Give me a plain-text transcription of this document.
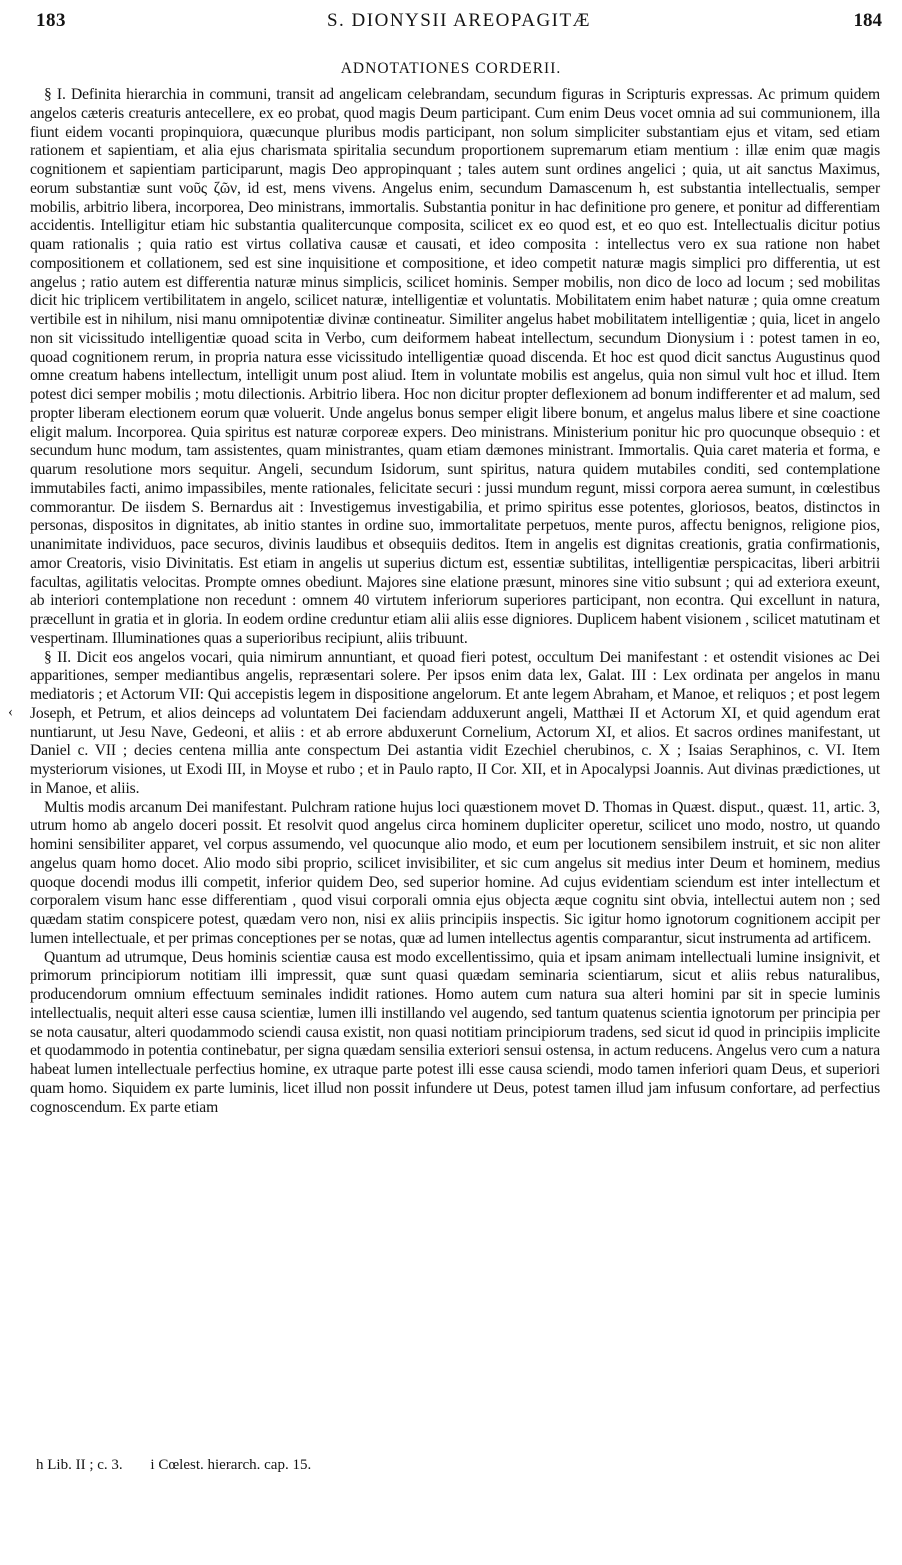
183	S. DIONYSII AREOPAGITÆ	184
ADNOTATIONES CORDERII.
‹

§ I. Definita hierarchia in communi, transit ad angelicam celebrandam, secundum figuras in Scripturis expressas. Ac primum quidem angelos cæteris creaturis antecellere, ex eo probat, quod magis Deum participant. Cum enim Deus vocet omnia ad sui communionem, illa fiunt eidem vocanti propinquiora, quæcunque pluribus modis participant, non solum simpliciter substantiam ejus et vitam, sed etiam rationem et sapientiam, et alia ejus charismata spiritalia secundum proportionem supremarum etiam mentium : illæ enim quæ magis cognitionem et sapientiam participarunt, magis Deo appropinquant ; tales autem sunt ordines angelici ; quia, ut ait sanctus Maximus, eorum substantiæ sunt νοῦς ζῶν, id est, mens vivens. Angelus enim, secundum Damascenum h, est substantia intellectualis, semper mobilis, arbitrio libera, incorporea, Deo ministrans, immortalis. Substantia ponitur in hac definitione pro genere, et ponitur ad differentiam accidentis. Intelligitur etiam hic substantia qualitercunque composita, scilicet ex eo quod est, et eo quo est. Intellectualis dicitur potius quam rationalis ; quia ratio est virtus collativa causæ et causati, et ideo composita : intellectus vero ex sua ratione non habet compositionem et collationem, sed est sine inquisitione et compositione, et ideo competit naturæ magis simplici pro differentia, ut est angelus ; ratio autem est differentia naturæ minus simplicis, scilicet hominis. Semper mobilis, non dico de loco ad locum ; sed mobilitas dicit hic triplicem vertibilitatem in angelo, scilicet naturæ, intelligentiæ et voluntatis. Mobilitatem enim habet naturæ ; quia omne creatum vertibile est in nihilum, nisi manu omnipotentiæ divinæ contineatur. Similiter angelus habet mobilitatem intelligentiæ ; quia, licet in angelo non sit vicissitudo intelligentiæ quoad scita in Verbo, cum deiformem habeat intellectum, secundum Dionysium i : potest tamen in eo, quoad cognitionem rerum, in propria natura esse vicissitudo intelligentiæ quoad discenda. Et hoc est quod dicit sanctus Augustinus quod omne creatum habens intellectum, intelligit unum post aliud. Item in voluntate mobilis est angelus, quia non simul vult hoc et illud. Item potest dici semper mobilis ; motu dilectionis. Arbitrio libera. Hoc non dicitur propter deflexionem ad bonum indifferenter et ad malum, sed propter liberam electionem eorum quæ voluerit. Unde angelus bonus semper eligit libere bonum, et angelus malus libere et sine coactione eligit malum. Incorporea. Quia spiritus est naturæ corporeæ expers. Deo ministrans. Ministerium ponitur hic pro quocunque obsequio : et secundum hunc modum, tam assistentes, quam ministrantes, quam etiam dæmones ministrant. Immortalis. Quia caret materia et forma, e quarum resolutione mors sequitur. Angeli, secundum Isidorum, sunt spiritus, natura quidem mutabiles conditi, sed contemplatione immutabiles facti, animo impassibiles, mente rationales, felicitate securi : jussi mundum regunt, missi corpora aerea sumunt, in cœlestibus commorantur. De iisdem S. Bernardus ait : Investigemus investigabilia, et primo spiritus esse potentes, gloriosos, beatos, distinctos in personas, dispositos in dignitates, ab initio stantes in ordine suo, immortalitate perpetuos, mente puros, affectu benignos, religione pios, unanimitate individuos, pace securos, divinis laudibus et obsequiis deditos. Item in angelis est dignitas creationis, gratia confirmationis, amor Creatoris, visio Divinitatis. Est etiam in angelis ut superius dictum est, essentiæ subtilitas, intelligentiæ perspicacitas, liberi arbitrii facultas, agilitatis velocitas. Prompte omnes obediunt. Majores sine elatione præsunt, minores sine vitio subsunt ; qui ad exteriora exeunt, ab interiori contemplatione non recedunt : omnem 40 virtutem inferiorum superiores participant, non econtra. Qui excellunt in natura, præcellunt in gratia et in gloria. In eodem ordine creduntur etiam alii aliis esse digniores. Duplicem habent visionem , scilicet matutinam et vespertinam. Illuminationes quas a superioribus recipiunt, aliis tribuunt.

§ II. Dicit eos angelos vocari, quia nimirum annuntiant, et quoad fieri potest, occultum Dei manifestant : et ostendit visiones ac Dei apparitiones, semper mediantibus angelis, repræsentari solere. Per ipsos enim data lex, Galat. III : Lex ordinata per angelos in manu mediatoris ; et Actorum VII: Qui accepistis legem in dispositione angelorum. Et ante legem Abraham, et Manoe, et reliquos ; et post legem Joseph, et Petrum, et alios deinceps ad voluntatem Dei faciendam adduxerunt angeli, Matthæi II et Actorum XI, et quid agendum erat nuntiarunt, ut Jesu Nave, Gedeoni, et aliis : et ab errore abduxerunt Cornelium, Actorum XI, et alios. Et sacros ordines manifestant, ut Daniel c. VII ; decies centena millia ante conspectum Dei astantia vidit Ezechiel cherubinos, c. X ; Isaias Seraphinos, c. VI. Item mysteriorum visiones, ut Exodi III, in Moyse et rubo ; et in Paulo rapto, II Cor. XII, et in Apocalypsi Joannis. Aut divinas prædictiones, ut in Manoe, et aliis.

Multis modis arcanum Dei manifestant. Pulchram ratione hujus loci quæstionem movet D. Thomas in Quæst. disput., quæst. 11, artic. 3, utrum homo ab angelo doceri possit. Et resolvit quod angelus circa hominem dupliciter operetur, scilicet uno modo, nostro, ut quando homini sensibiliter apparet, vel corpus assumendo, vel quocunque alio modo, et eum per locutionem sensibilem instruit, et sic non aliter angelus quam homo docet. Alio modo sibi proprio, scilicet invisibiliter, et sic cum angelus sit medius inter Deum et hominem, medius quoque docendi modus illi competit, inferior quidem Deo, sed superior homine. Ad cujus evidentiam sciendum est inter intellectum et corporalem visum hanc esse differentiam , quod visui corporali omnia ejus objecta æque cognitu sint obvia, intellectui autem non ; sed quædam statim conspicere potest, quædam vero non, nisi ex aliis principiis inspectis. Sic igitur homo ignotorum cognitionem accipit per lumen intellectuale, et per primas conceptiones per se notas, quæ ad lumen intellectus agentis comparantur, sicut instrumenta ad artificem.

Quantum ad utrumque, Deus hominis scientiæ causa est modo excellentissimo, quia et ipsam animam intellectuali lumine insignivit, et primorum principiorum notitiam illi impressit, quæ sunt quasi quædam seminaria scientiarum, sicut et aliis rebus naturalibus, producendorum omnium effectuum seminales indidit rationes. Homo autem cum natura sua alteri homini par sit in specie luminis intellectualis, nequit alteri esse causa scientiæ, lumen illi instillando vel augendo, sed tantum quatenus scientia ignotorum per principia per se nota causatur, alteri quodammodo sciendi causa existit, non quasi notitiam principiorum tradens, sed sicut id quod in principiis implicite et quodammodo in potentia continebatur, per signa quædam sensilia exteriori sensui ostensa, in actum reducens. Angelus vero cum a natura habeat lumen intellectuale perfectius homine, ex utraque parte potest illi esse causa sciendi, modo tamen inferiori quam Deus, et superiori quam homo. Siquidem ex parte luminis, licet illud non possit infundere ut Deus, potest tamen illud jam infusum confortare, ad perfectius cognoscendum. Ex parte etiam

h Lib. II ; c. 3. i Cœlest. hierarch. cap. 15.
